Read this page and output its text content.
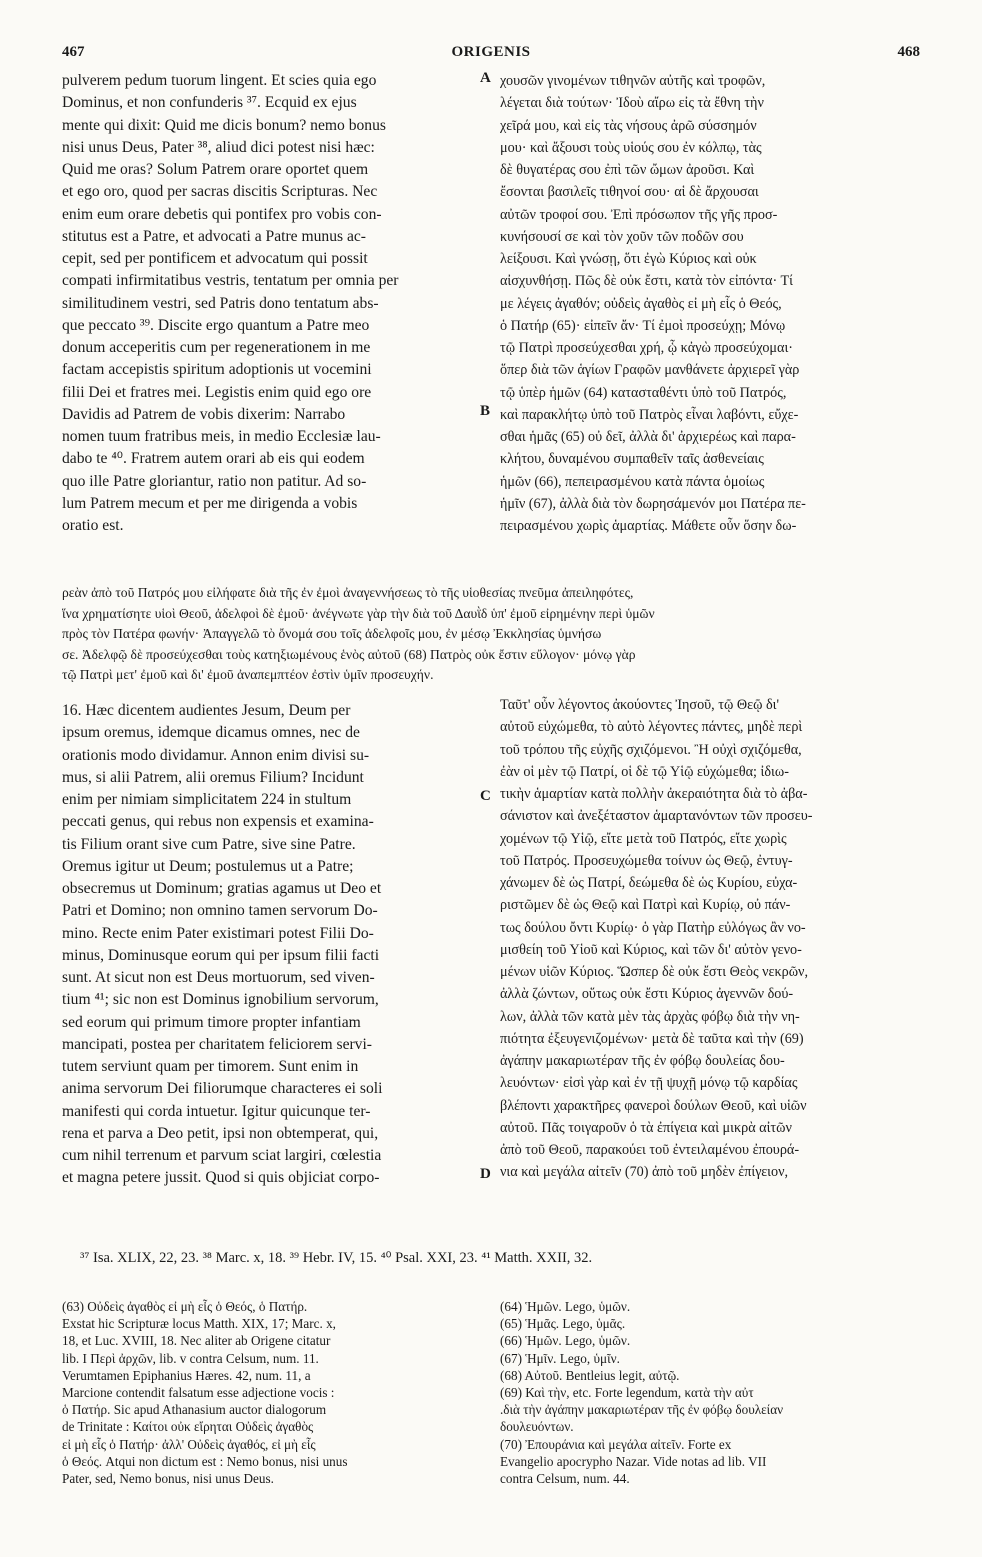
467	ORIGENIS	468
pulverem pedum tuorum lingent. Et scies quia ego
Dominus, et non confunderis ³⁷. Ecquid ex ejus
mente qui dixit: Quid me dicis bonum? nemo bonus
nisi unus Deus, Pater ³⁸, aliud dici potest nisi hæc:
Quid me oras? Solum Patrem orare oportet quem
et ego oro, quod per sacras discitis Scripturas. Nec
enim eum orare debetis qui pontifex pro vobis con-
stitutus est a Patre, et advocati a Patre munus ac-
cepit, sed per pontificem et advocatum qui possit
compati infirmitatibus vestris, tentatum per omnia per
similitudinem vestri, sed Patris dono tentatum abs-
que peccato ³⁹. Discite ergo quantum a Patre meo
donum acceperitis cum per regenerationem in me
factam accepistis spiritum adoptionis ut vocemini
filii Dei et fratres mei. Legistis enim quid ego ore
Davidis ad Patrem de vobis dixerim: Narrabo
nomen tuum fratribus meis, in medio Ecclesiæ lau-
dabo te ⁴⁰. Fratrem autem orari ab eis qui eodem
quo ille Patre gloriantur, ratio non patitur. Ad so-
lum Patrem mecum et per me dirigenda a vobis
oratio est.
χουσῶν γινομένων τιθηνῶν αὐτῆς καὶ τροφῶν,
λέγεται διὰ τούτων· Ἰδοὺ αἴρω εἰς τὰ ἔθνη τὴν
χεῖρά μου, καὶ εἰς τὰς νήσους ἀρῶ σύσσημόν
μου· καὶ ἄξουσι τοὺς υἱούς σου ἐν κόλπῳ, τὰς
δὲ θυγατέρας σου ἐπὶ τῶν ὤμων ἀροῦσι. Καὶ
ἔσονται βασιλεῖς τιθηνοί σου· αἱ δὲ ἄρχουσαι
αὐτῶν τροφοί σου. Ἐπὶ πρόσωπον τῆς γῆς προσ-
κυνήσουσί σε καὶ τὸν χοῦν τῶν ποδῶν σου
λείξουσι. Καὶ γνώσῃ, ὅτι ἐγὼ Κύριος καὶ οὐκ
αἰσχυνθήσῃ. Πῶς δὲ οὐκ ἔστι, κατὰ τὸν εἰπόντα· Τί
με λέγεις ἀγαθόν; οὐδεὶς ἀγαθὸς εἰ μὴ εἷς ὁ Θεός,
ὁ Πατήρ (65)· εἰπεῖν ἄν· Τί ἐμοὶ προσεύχῃ; Μόνῳ
τῷ Πατρὶ προσεύχεσθαι χρή, ᾧ κἀγὼ προσεύχομαι·
ὅπερ διὰ τῶν ἁγίων Γραφῶν μανθάνετε ἀρχιερεῖ γὰρ
τῷ ὑπὲρ ἡμῶν (64) κατασταθέντι ὑπὸ τοῦ Πατρός,
καὶ παρακλήτῳ ὑπὸ τοῦ Πατρὸς εἶναι λαβόντι, εὔχε-
σθαι ἡμᾶς (65) οὐ δεῖ, ἀλλὰ δι' ἀρχιερέως καὶ παρα-
κλήτου, δυναμένου συμπαθεῖν ταῖς ἀσθενείαις
ἡμῶν (66), πεπειρασμένου κατὰ πάντα ὁμοίως
ἡμῖν (67), ἀλλὰ διὰ τὸν δωρησάμενόν μοι Πατέρα πε-
πειρασμένου χωρὶς ἁμαρτίας. Μάθετε οὖν ὅσην δω-
A
B
ρεὰν ἀπὸ τοῦ Πατρός μου εἰλήφατε διὰ τῆς ἐν ἐμοὶ ἀναγεννήσεως τὸ τῆς υἱοθεσίας πνεῦμα ἀπειληφότες,
ἵνα χρηματίσητε υἱοὶ Θεοῦ, ἀδελφοὶ δὲ ἐμοῦ· ἀνέγνωτε γὰρ τὴν διὰ τοῦ Δαυῒδ ὑπ' ἐμοῦ εἰρημένην περὶ ὑμῶν
πρὸς τὸν Πατέρα φωνήν· Ἀπαγγελῶ τὸ ὄνομά σου τοῖς ἀδελφοῖς μου, ἐν μέσῳ Ἐκκλησίας ὑμνήσω
σε. Ἀδελφῷ δὲ προσεύχεσθαι τοὺς κατηξιωμένους ἑνὸς αὐτοῦ (68) Πατρὸς οὐκ ἔστιν εὔλογον· μόνῳ γὰρ
τῷ Πατρὶ μετ' ἐμοῦ καὶ δι' ἐμοῦ ἀναπεμπτέον ἐστὶν ὑμῖν προσευχήν.
16. Hæc dicentem audientes Jesum, Deum per
ipsum oremus, idemque dicamus omnes, nec de
orationis modo dividamur. Annon enim divisi su-
mus, si alii Patrem, alii oremus Filium? Incidunt
enim per nimiam simplicitatem 224 in stultum
peccati genus, qui rebus non expensis et examina-
tis Filium orant sive cum Patre, sive sine Patre.
Oremus igitur ut Deum; postulemus ut a Patre;
obsecremus ut Dominum; gratias agamus ut Deo et
Patri et Domino; non omnino tamen servorum Do-
mino. Recte enim Pater existimari potest Filii Do-
minus, Dominusque eorum qui per ipsum filii facti
sunt. At sicut non est Deus mortuorum, sed viven-
tium ⁴¹; sic non est Dominus ignobilium servorum,
sed eorum qui primum timore propter infantiam
mancipati, postea per charitatem feliciorem servi-
tutem serviunt quam per timorem. Sunt enim in
anima servorum Dei filiorumque characteres ei soli
manifesti qui corda intuetur. Igitur quicunque ter-
rena et parva a Deo petit, ipsi non obtemperat, qui,
cum nihil terrenum et parvum sciat largiri, cœlestia
et magna petere jussit. Quod si quis objiciat corpo-
Ταῦτ' οὖν λέγοντος ἀκούοντες Ἰησοῦ, τῷ Θεῷ δι'
αὐτοῦ εὐχώμεθα, τὸ αὐτὸ λέγοντες πάντες, μηδὲ περὶ
τοῦ τρόπου τῆς εὐχῆς σχιζόμενοι. Ἢ οὐχὶ σχιζόμεθα,
ἐὰν οἱ μὲν τῷ Πατρί, οἱ δὲ τῷ Υἱῷ εὐχώμεθα; ἰδιω-
τικὴν ἁμαρτίαν κατὰ πολλὴν ἀκεραιότητα διὰ τὸ ἀβα-
σάνιστον καὶ ἀνεξέταστον ἁμαρτανόντων τῶν προσευ-
χομένων τῷ Υἱῷ, εἴτε μετὰ τοῦ Πατρός, εἴτε χωρὶς
τοῦ Πατρός. Προσευχώμεθα τοίνυν ὡς Θεῷ, ἐντυγ-
χάνωμεν δὲ ὡς Πατρί, δεώμεθα δὲ ὡς Κυρίου, εὐχα-
ριστῶμεν δὲ ὡς Θεῷ καὶ Πατρὶ καὶ Κυρίῳ, οὐ πάν-
τως δούλου ὄντι Κυρίῳ· ὁ γὰρ Πατὴρ εὐλόγως ἂν νο-
μισθείη τοῦ Υἱοῦ καὶ Κύριος, καὶ τῶν δι' αὐτὸν γενο-
μένων υἱῶν Κύριος. Ὥσπερ δὲ οὐκ ἔστι Θεὸς νεκρῶν,
ἀλλὰ ζώντων, οὕτως οὐκ ἔστι Κύριος ἀγεννῶν δού-
λων, ἀλλὰ τῶν κατὰ μὲν τὰς ἀρχὰς φόβῳ διὰ τὴν νη-
πιότητα ἐξευγενιζομένων· μετὰ δὲ ταῦτα καὶ τὴν (69)
ἀγάπην μακαριωτέραν τῆς ἐν φόβῳ δουλείας δου-
λευόντων· εἰσὶ γὰρ καὶ ἐν τῇ ψυχῇ μόνῳ τῷ καρδίας
βλέποντι χαρακτῆρες φανεροὶ δούλων Θεοῦ, καὶ υἱῶν
αὐτοῦ. Πᾶς τοιγαροῦν ὁ τὰ ἐπίγεια καὶ μικρὰ αἰτῶν
ἀπὸ τοῦ Θεοῦ, παρακούει τοῦ ἐντειλαμένου ἐπουρά-
νια καὶ μεγάλα αἰτεῖν (70) ἀπὸ τοῦ μηδὲν ἐπίγειον,
C
D
³⁷ Isa. XLIX, 22, 23. ³⁸ Marc. x, 18. ³⁹ Hebr. IV, 15. ⁴⁰ Psal. XXI, 23. ⁴¹ Matth. XXII, 32.
(63) Οὐδεὶς ἀγαθὸς εἰ μὴ εἷς ὁ Θεός, ὁ Πατήρ.
Exstat hic Scripturæ locus Matth. XIX, 17; Marc. x,
18, et Luc. XVIII, 18. Nec aliter ab Origene citatur
lib. I Περὶ ἀρχῶν, lib. v contra Celsum, num. 11.
Verumtamen Epiphanius Hæres. 42, num. 11, a
Marcione contendit falsatum esse adjectione vocis :
ὁ Πατήρ. Sic apud Athanasium auctor dialogorum
de Trinitate : Καίτοι οὐκ εἴρηται Οὐδεὶς ἀγαθὸς
εἰ μὴ εἷς ὁ Πατήρ· ἀλλ' Οὐδεὶς ἀγαθός, εἰ μὴ εἷς
ὁ Θεός. Atqui non dictum est : Nemo bonus, nisi unus
Pater, sed, Nemo bonus, nisi unus Deus.
(64) Ἡμῶν. Lego, ὑμῶν.
(65) Ἡμᾶς. Lego, ὑμᾶς.
(66) Ἡμῶν. Lego, ὑμῶν.
(67) Ἡμῖν. Lego, ὑμῖν.
(68) Αὐτοῦ. Bentleius legit, αὐτῷ.
(69) Καὶ τὴν, etc. Forte legendum, κατὰ τὴν αὐτ
.διὰ τὴν ἀγάπην μακαριωτέραν τῆς ἐν φόβῳ δουλείαν
δουλευόντων.
(70) Ἐπουράνια καὶ μεγάλα αἰτεῖν. Forte ex
Evangelio apocrypho Nazar. Vide notas ad lib. VII
contra Celsum, num. 44.
